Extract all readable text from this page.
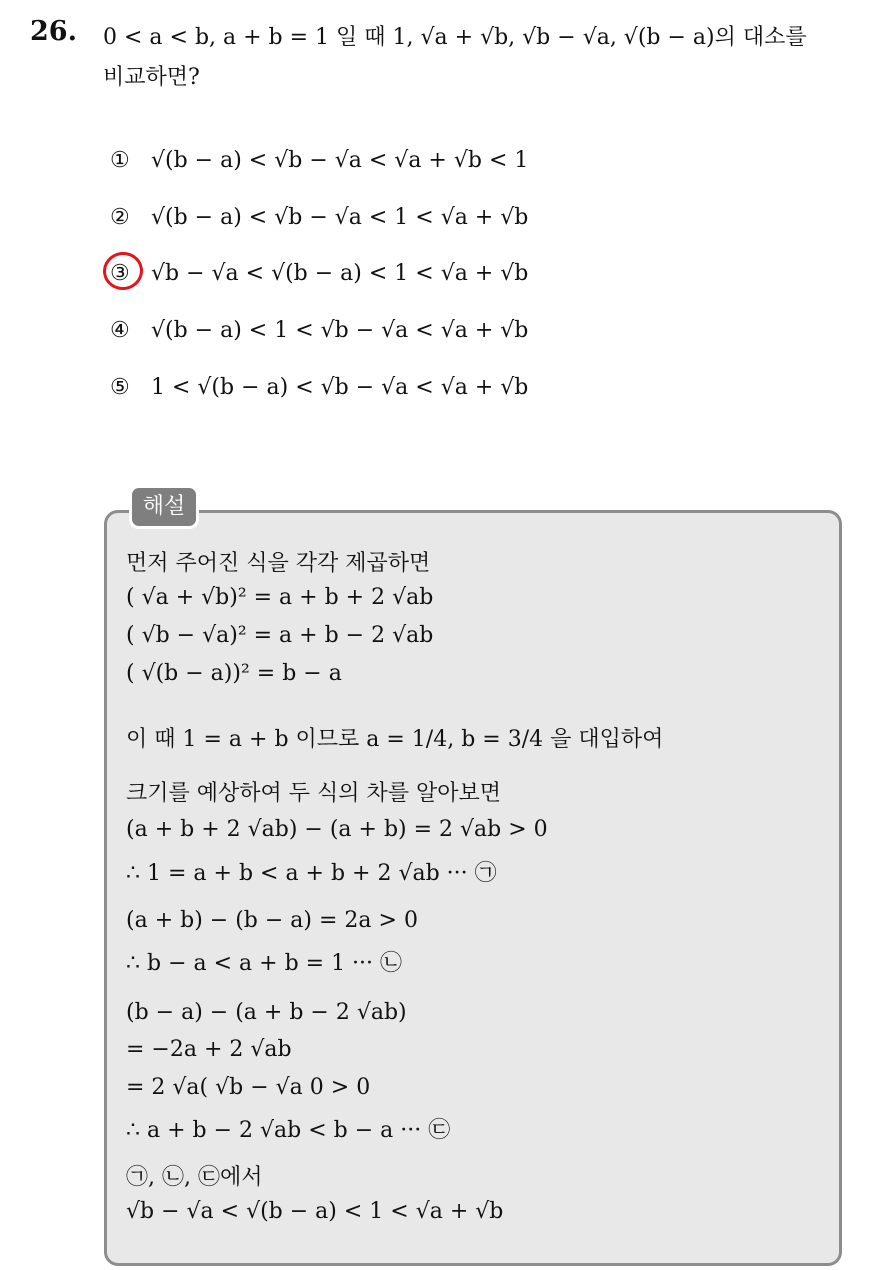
26. 0 < a < b, a + b = 1 일 때 1, √a + √b, √b − √a, √(b − a)의 대소를
비교하면?
① √(b − a) < √b − √a < √a + √b < 1
② √(b − a) < √b − √a < 1 < √a + √b
③ √b − √a < √(b − a) < 1 < √a + √b
④ √(b − a) < 1 < √b − √a < √a + √b
⑤ 1 < √(b − a) < √b − √a < √a + √b
해설
먼저 주어진 식을 각각 제곱하면
( √a + √b)² = a + b + 2 √ab
( √b − √a)² = a + b − 2 √ab
( √(b − a))² = b − a
이 때 1 = a + b 이므로 a = 1/4, b = 3/4 을 대입하여
크기를 예상하여 두 식의 차를 알아보면
(a + b + 2 √ab) − (a + b) = 2 √ab > 0
∴ 1 = a + b < a + b + 2 √ab ··· ㉠
(a + b) − (b − a) = 2a > 0
∴ b − a < a + b = 1 ··· ㉡
(b − a) − (a + b − 2 √ab)
= −2a + 2 √ab
= 2 √a( √b − √a 0 > 0
∴ a + b − 2 √ab < b − a ··· ㉢
㉠, ㉡, ㉢에서
√b − √a < √(b − a) < 1 < √a + √b
